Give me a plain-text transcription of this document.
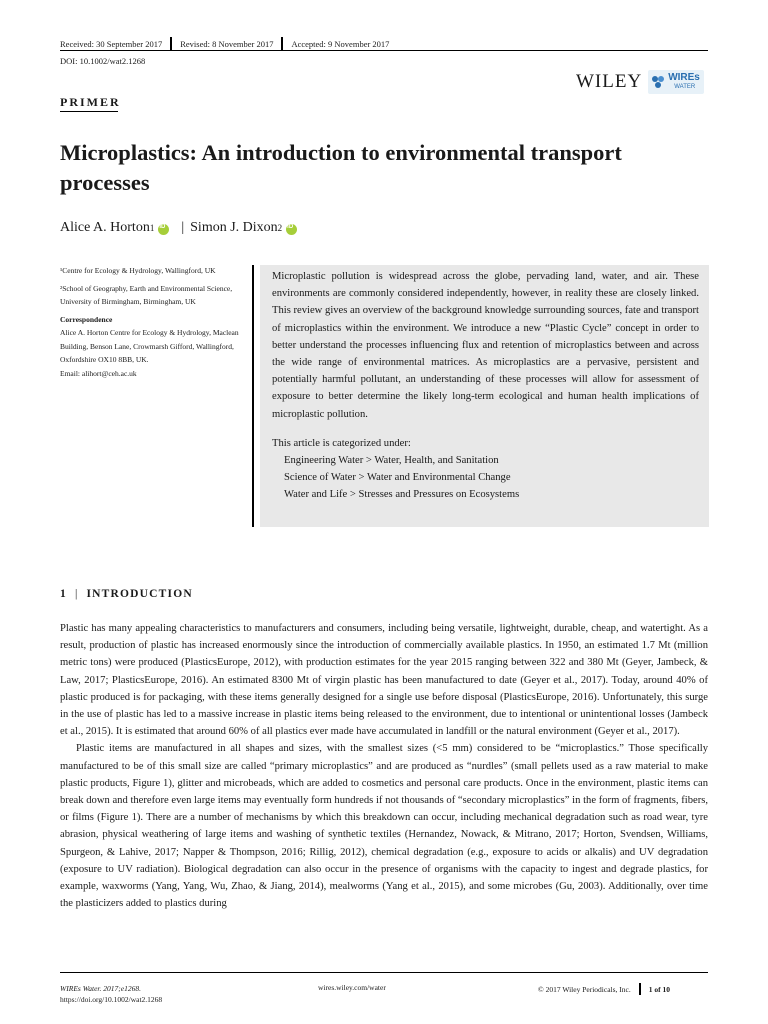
Received: 30 September 2017 Revised: 8 November 2017 Accepted: 9 November 2017
DOI: 10.1002/wat2.1268
WILEY	WIREs
WATER
PRIMER
Microplastics: An introduction to environmental transport processes
Alice A. Horton 1
iD | Simon J. Dixon 2
iD

¹Centre for Ecology & Hydrology, Wallingford, UK

²School of Geography, Earth and Environmental Science, University of Birmingham, Birmingham, UK

Correspondence

Alice A. Horton Centre for Ecology & Hydrology, Maclean Building, Benson Lane, Crowmarsh Gifford, Wallingford, Oxfordshire OX10 8BB, UK.

Email: alihort@ceh.ac.uk

Microplastic pollution is widespread across the globe, pervading land, water, and air. These environments are commonly considered independently, however, in reality these are closely linked. This review gives an overview of the background knowledge surrounding sources, fate and transport of microplastics within the environment. We introduce a new “Plastic Cycle” concept in order to better understand the processes influencing flux and retention of microplastics between and across the wide range of environmental matrices. As microplastics are a pervasive, persistent and potentially harmful pollutant, an understanding of these processes will allow for assessment of exposure to better determine the likely long-term ecological and human health implications of microplastic pollution.

This article is categorized under:

Engineering Water > Water, Health, and Sanitation

Science of Water > Water and Environmental Change

Water and Life > Stresses and Pressures on Ecosystems

1 | INTRODUCTION

Plastic has many appealing characteristics to manufacturers and consumers, including being versatile, lightweight, durable, cheap, and watertight. As a result, production of plastic has increased enormously since the introduction of commercially available plastics. In 1950, an estimated 1.7 Mt (million metric tons) were produced (PlasticsEurope, 2012), with production estimates for the year 2015 ranging between 322 and 380 Mt (Geyer, Jambeck, & Law, 2017; PlasticsEurope, 2016). An estimated 8300 Mt of virgin plastic has been manufactured to date (Geyer et al., 2017). Today, around 40% of plastic produced is for packaging, with these items generally designed for a single use before disposal (PlasticsEurope, 2016). Unfortunately, this surge in the use of plastic has led to a massive increase in plastic items being released to the environment, due to intentional or unintentional losses (Jambeck et al., 2015). It is estimated that around 60% of all plastics ever made have accumulated in landfill or the natural environment (Geyer et al., 2017).

Plastic items are manufactured in all shapes and sizes, with the smallest sizes (<5 mm) considered to be “microplastics.” Those specifically manufactured to be of this small size are called “primary microplastics” and are produced as “nurdles” (small pellets used as a raw material to make plastic products, Figure 1), glitter and microbeads, which are added to cosmetics and personal care products. Once in the environment, plastic items can break down and therefore even large items may eventually form hundreds if not thousands of “secondary microplastics” in the form of fragments, fibers, or films (Figure 1). There are a number of mechanisms by which this breakdown can occur, including mechanical degradation such as road wear, tyre abrasion, physical weathering of large items and washing of synthetic textiles (Hernandez, Nowack, & Mitrano, 2017; Horton, Svendsen, Williams, Spurgeon, & Lahive, 2017; Napper & Thompson, 2016; Rillig, 2012), chemical degradation (e.g., exposure to acids or alkalis) and UV degradation (exposure to UV radiation). Biological degradation can also occur in the presence of organisms with the capacity to ingest and degrade plastics, for example, waxworms (Yang, Yang, Wu, Zhao, & Jiang, 2014), mealworms (Yang et al., 2015), and some microbes (Gu, 2003). Additionally, over time the plasticizers added to plastics during

WIREs Water. 2017;e1268.
https://doi.org/10.1002/wat2.1268
wires.wiley.com/water	© 2017 Wiley Periodicals, Inc. 1 of 10
